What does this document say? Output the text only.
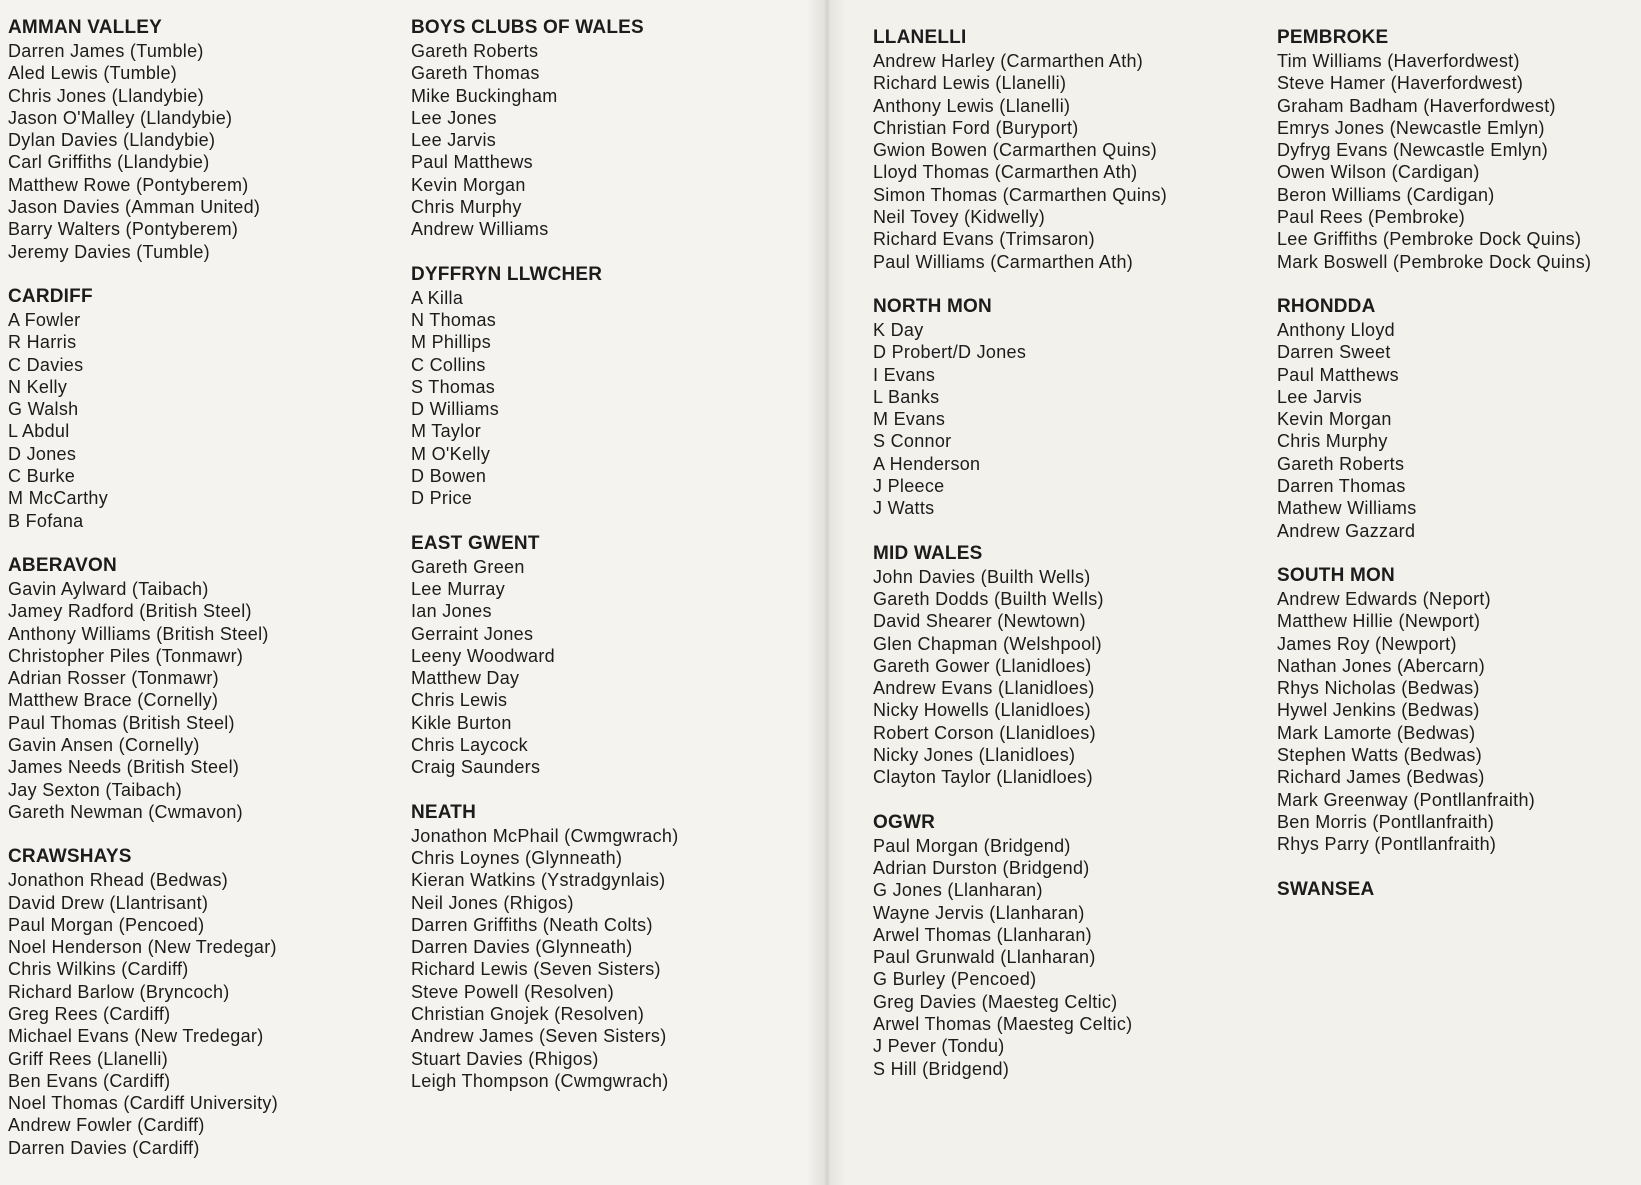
AMMAN VALLEY
Darren James (Tumble)
Aled Lewis (Tumble)
Chris Jones (Llandybie)
Jason O'Malley (Llandybie)
Dylan Davies (Llandybie)
Carl Griffiths (Llandybie)
Matthew Rowe (Pontyberem)
Jason Davies (Amman United)
Barry Walters (Pontyberem)
Jeremy Davies (Tumble)
CARDIFF
A Fowler
R Harris
C Davies
N Kelly
G Walsh
L Abdul
D Jones
C Burke
M McCarthy
B Fofana
ABERAVON
Gavin Aylward (Taibach)
Jamey Radford (British Steel)
Anthony Williams (British Steel)
Christopher Piles (Tonmawr)
Adrian Rosser (Tonmawr)
Matthew Brace (Cornelly)
Paul Thomas (British Steel)
Gavin Ansen (Cornelly)
James Needs (British Steel)
Jay Sexton (Taibach)
Gareth Newman (Cwmavon)
CRAWSHAYS
Jonathon Rhead (Bedwas)
David Drew (Llantrisant)
Paul Morgan (Pencoed)
Noel Henderson (New Tredegar)
Chris Wilkins (Cardiff)
Richard Barlow (Bryncoch)
Greg Rees (Cardiff)
Michael Evans (New Tredegar)
Griff Rees (Llanelli)
Ben Evans (Cardiff)
Noel Thomas (Cardiff University)
Andrew Fowler (Cardiff)
Darren Davies (Cardiff)
BOYS CLUBS OF WALES
Gareth Roberts
Gareth Thomas
Mike Buckingham
Lee Jones
Lee Jarvis
Paul Matthews
Kevin Morgan
Chris Murphy
Andrew Williams
DYFFRYN LLWCHER
A Killa
N Thomas
M Phillips
C Collins
S Thomas
D Williams
M Taylor
M O'Kelly
D Bowen
D Price
EAST GWENT
Gareth Green
Lee Murray
Ian Jones
Gerraint Jones
Leeny Woodward
Matthew Day
Chris Lewis
Kikle Burton
Chris Laycock
Craig Saunders
NEATH
Jonathon McPhail (Cwmgwrach)
Chris Loynes (Glynneath)
Kieran Watkins (Ystradgynlais)
Neil Jones (Rhigos)
Darren Griffiths (Neath Colts)
Darren Davies (Glynneath)
Richard Lewis (Seven Sisters)
Steve Powell (Resolven)
Christian Gnojek (Resolven)
Andrew James (Seven Sisters)
Stuart Davies (Rhigos)
Leigh Thompson (Cwmgwrach)
LLANELLI
Andrew Harley (Carmarthen Ath)
Richard Lewis (Llanelli)
Anthony Lewis (Llanelli)
Christian Ford (Buryport)
Gwion Bowen (Carmarthen Quins)
Lloyd Thomas (Carmarthen Ath)
Simon Thomas (Carmarthen Quins)
Neil Tovey (Kidwelly)
Richard Evans (Trimsaron)
Paul Williams (Carmarthen Ath)
NORTH MON
K Day
D Probert/D Jones
I Evans
L Banks
M Evans
S Connor
A Henderson
J Pleece
J Watts
MID WALES
John Davies (Builth Wells)
Gareth Dodds (Builth Wells)
David Shearer (Newtown)
Glen Chapman (Welshpool)
Gareth Gower (Llanidloes)
Andrew Evans (Llanidloes)
Nicky Howells (Llanidloes)
Robert Corson (Llanidloes)
Nicky Jones (Llanidloes)
Clayton Taylor (Llanidloes)
OGWR
Paul Morgan (Bridgend)
Adrian Durston (Bridgend)
G Jones (Llanharan)
Wayne Jervis (Llanharan)
Arwel Thomas (Llanharan)
Paul Grunwald (Llanharan)
G Burley (Pencoed)
Greg Davies (Maesteg Celtic)
Arwel Thomas (Maesteg Celtic)
J Pever (Tondu)
S Hill (Bridgend)
PEMBROKE
Tim Williams (Haverfordwest)
Steve Hamer (Haverfordwest)
Graham Badham (Haverfordwest)
Emrys Jones (Newcastle Emlyn)
Dyfryg Evans (Newcastle Emlyn)
Owen Wilson (Cardigan)
Beron Williams (Cardigan)
Paul Rees (Pembroke)
Lee Griffiths (Pembroke Dock Quins)
Mark Boswell (Pembroke Dock Quins)
RHONDDA
Anthony Lloyd
Darren Sweet
Paul Matthews
Lee Jarvis
Kevin Morgan
Chris Murphy
Gareth Roberts
Darren Thomas
Mathew Williams
Andrew Gazzard
SOUTH MON
Andrew Edwards (Neport)
Matthew Hillie (Newport)
James Roy (Newport)
Nathan Jones (Abercarn)
Rhys Nicholas (Bedwas)
Hywel Jenkins (Bedwas)
Mark Lamorte (Bedwas)
Stephen Watts (Bedwas)
Richard James (Bedwas)
Mark Greenway (Pontllanfraith)
Ben Morris (Pontllanfraith)
Rhys Parry (Pontllanfraith)
SWANSEA
